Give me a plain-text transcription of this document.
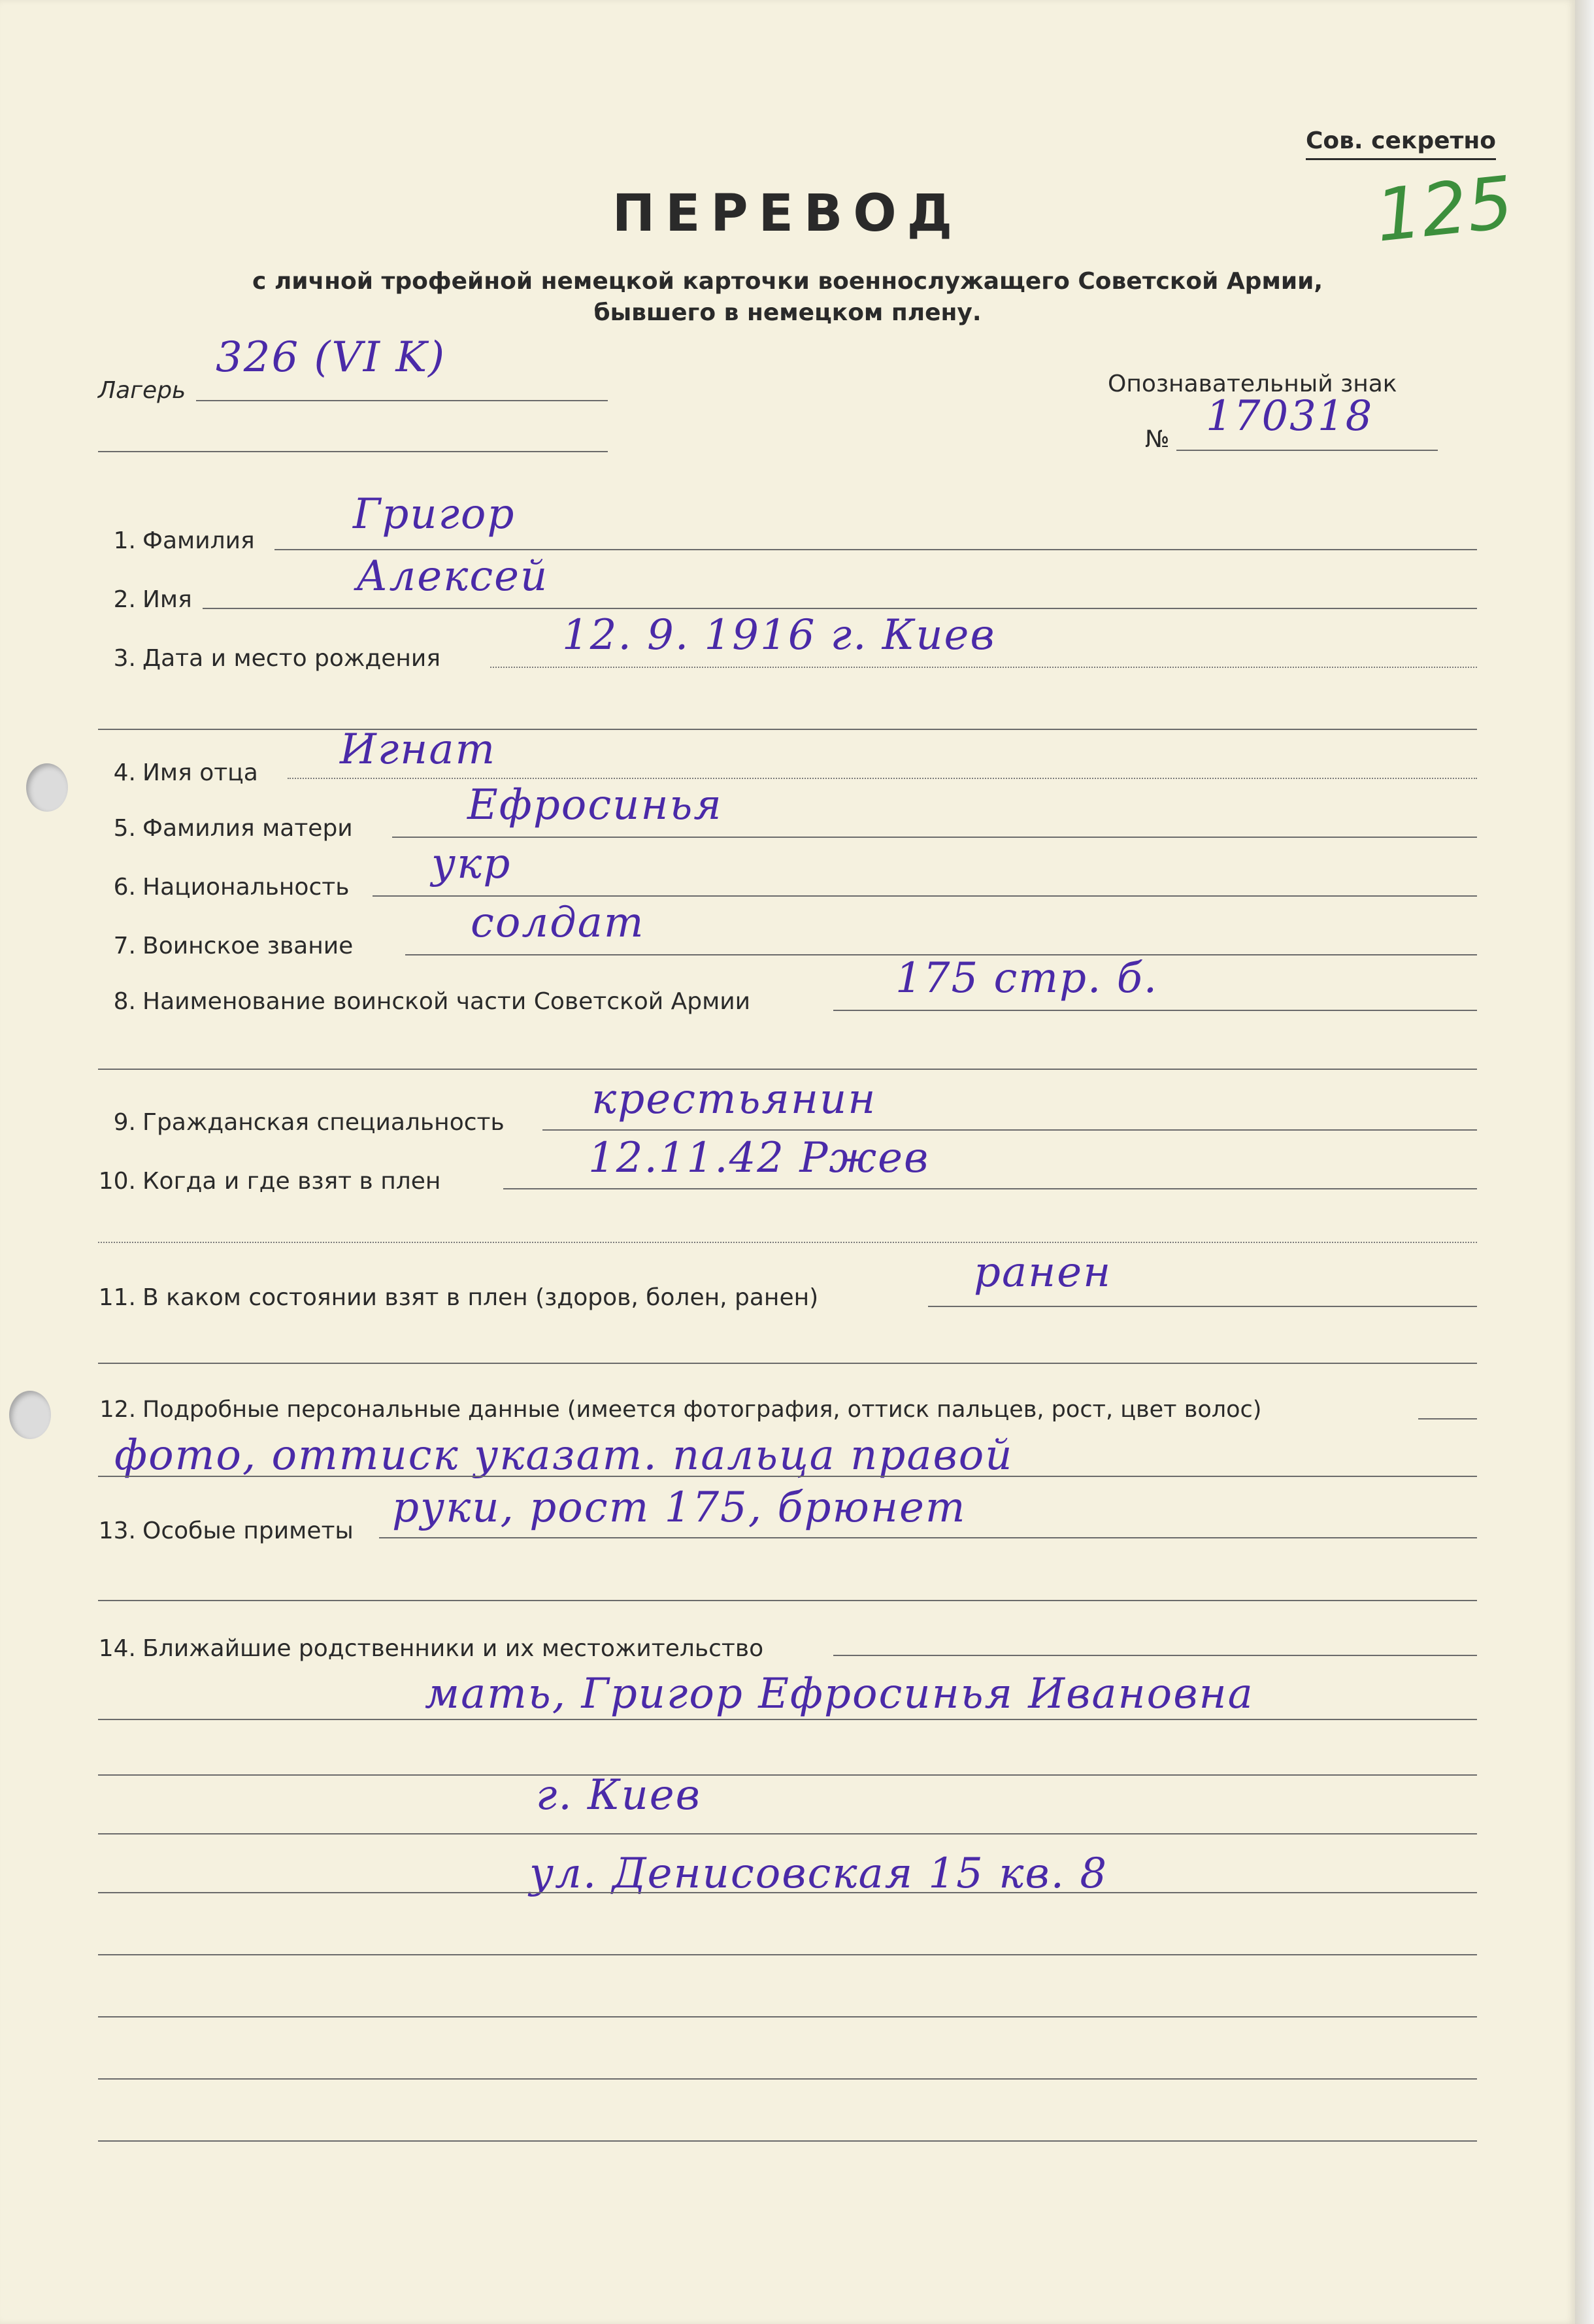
Сов. секретно
125
ПЕРЕВОД
с личной трофейной немецкой карточки военнослужащего Советской Армии,
бывшего в немецком плену.
Лагерь
326 (VI K)
Опознавательный знак
№ 170318
1. Фамилия
Григор
2. Имя	Алексей
3. Дата и место рождения	12. 9. 1916 г. Киев
4. Имя отца Игнат
5. Фамилия матери	Ефросинья
6. Национальность укр
7. Воинское звание	солдат
8. Наименование воинской части Советской Армии	175 стр. б.
9. Гражданская специальность крестьянин
10. Когда и где взят в плен	12.11.42 Ржев
11. В каком состоянии взят в плен (здоров, болен, ранен)
ранен
12. Подробные персональные данные (имеется фотография, оттиск пальцев, рост, цвет волос)
фото, оттиск указат. пальца правой
13. Особые приметы руки, рост 175, брюнет
14. Ближайшие родственники и их местожительство
мать, Григор Ефросинья Ивановна
г. Киев
ул. Денисовская 15 кв. 8
